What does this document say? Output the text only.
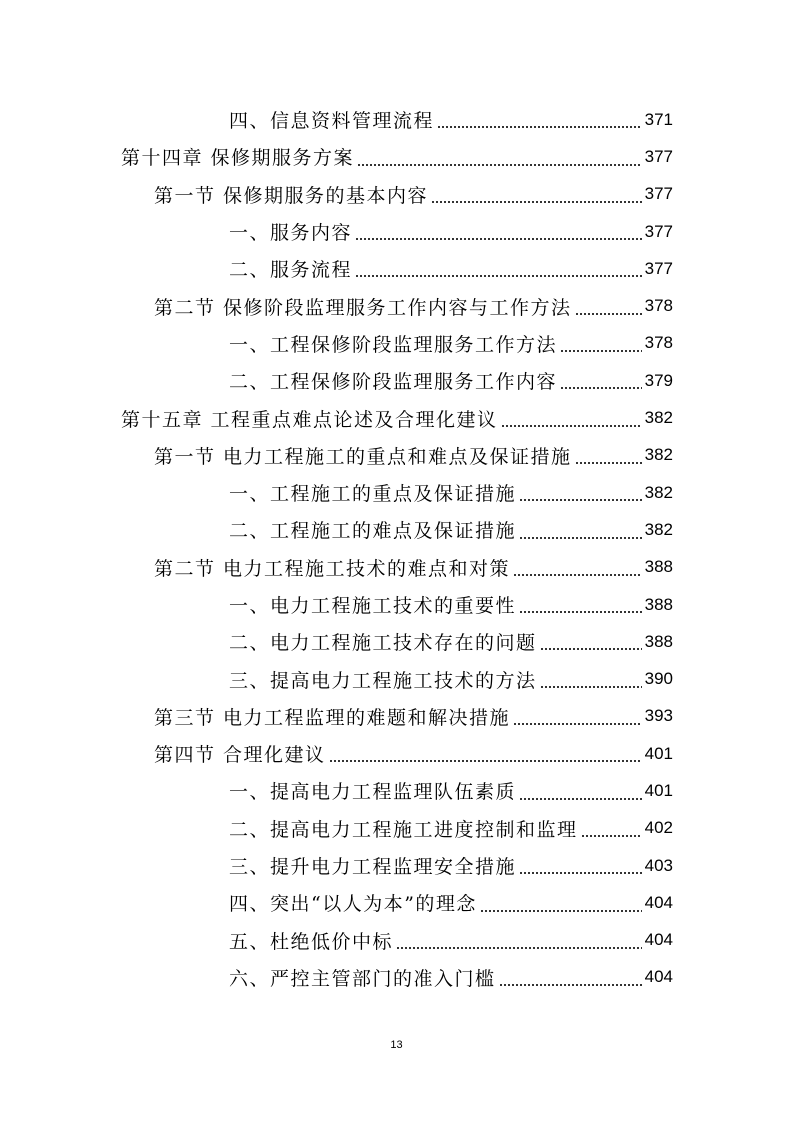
四、信息资料管理流程	371
第十四章 保修期服务方案	377
第一节 保修期服务的基本内容	377
一、服务内容	377
二、服务流程	377
第二节 保修阶段监理服务工作内容与工作方法	378
一、工程保修阶段监理服务工作方法	378
二、工程保修阶段监理服务工作内容	379
第十五章 工程重点难点论述及合理化建议	382
第一节 电力工程施工的重点和难点及保证措施	382
一、工程施工的重点及保证措施	382
二、工程施工的难点及保证措施	382
第二节 电力工程施工技术的难点和对策	388
一、电力工程施工技术的重要性	388
二、电力工程施工技术存在的问题	388
三、提高电力工程施工技术的方法	390
第三节 电力工程监理的难题和解决措施	393
第四节 合理化建议	401
一、提高电力工程监理队伍素质	401
二、提高电力工程施工进度控制和监理	402
三、提升电力工程监理安全措施	403
四、突出“以人为本”的理念	404
五、杜绝低价中标	404
六、严控主管部门的准入门槛	404
13
